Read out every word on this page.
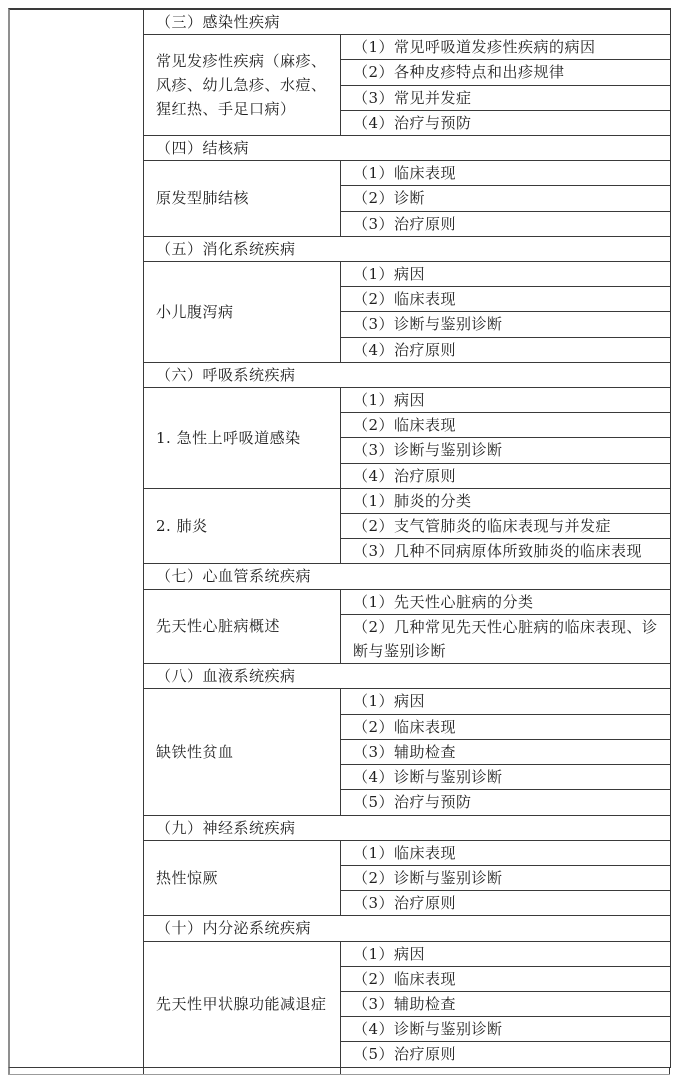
（三）感染性疾病	
常见发疹性疾病（麻疹、风疹、幼儿急疹、水痘、猩红热、手足口病）	（1）常见呼吸道发疹性疾病的病因
	（2）各种皮疹特点和出疹规律
	（3）常见并发症
	（4）治疗与预防
（四）结核病	
原发型肺结核	（1）临床表现
	（2）诊断
	（3）治疗原则
（五）消化系统疾病	
小儿腹泻病	（1）病因
	（2）临床表现
	（3）诊断与鉴别诊断
	（4）治疗原则
（六）呼吸系统疾病	
1. 急性上呼吸道感染	（1）病因
	（2）临床表现
	（3）诊断与鉴别诊断
	（4）治疗原则
2. 肺炎	（1）肺炎的分类
	（2）支气管肺炎的临床表现与并发症
	（3）几种不同病原体所致肺炎的临床表现
（七）心血管系统疾病	
先天性心脏病概述	（1）先天性心脏病的分类
	（2）几种常见先天性心脏病的临床表现、诊断与鉴别诊断
（八）血液系统疾病	
缺铁性贫血	（1）病因
	（2）临床表现
	（3）辅助检查
	（4）诊断与鉴别诊断
	（5）治疗与预防
（九）神经系统疾病	
热性惊厥	（1）临床表现
	（2）诊断与鉴别诊断
	（3）治疗原则
（十）内分泌系统疾病	
先天性甲状腺功能减退症	（1）病因
	（2）临床表现
	（3）辅助检查
	（4）诊断与鉴别诊断
	（5）治疗原则
